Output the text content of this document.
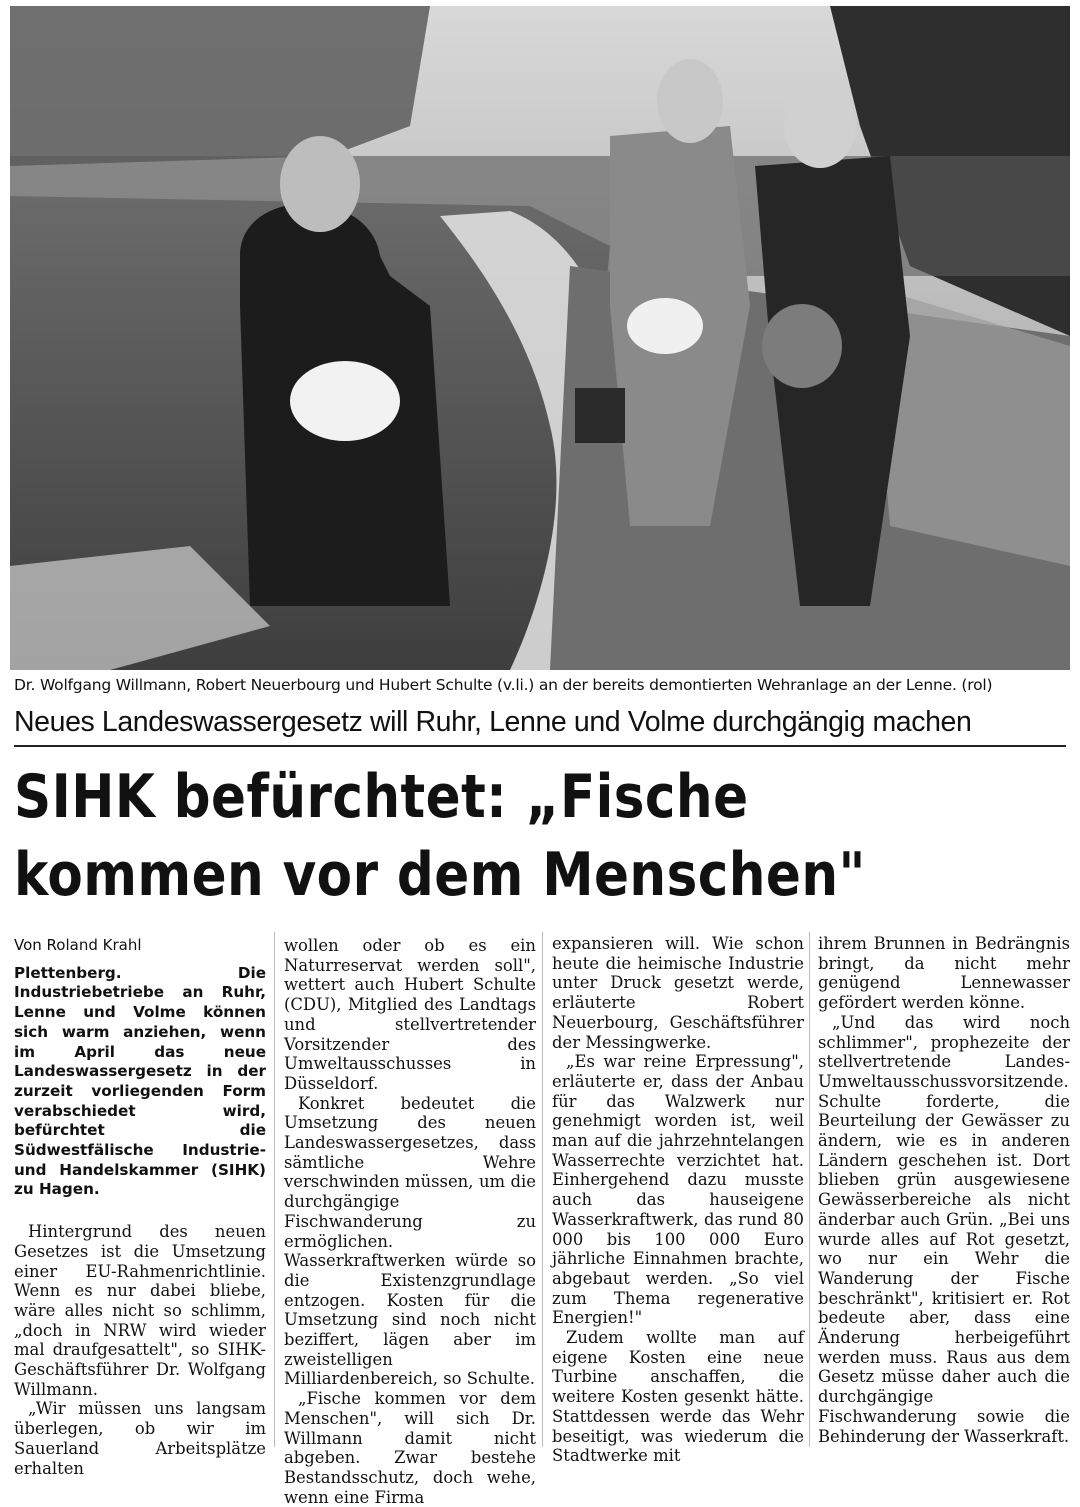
Dr. Wolfgang Willmann, Robert Neuerbourg und Hubert Schulte (v.li.) an der bereits demontierten Wehranlage an der Lenne. (rol)
Neues Landeswassergesetz will Ruhr, Lenne und Volme durchgängig machen
SIHK befürchtet: „Fische
kommen vor dem Menschen"
Von Roland Krahl
Plettenberg. Die Industriebetriebe an Ruhr, Lenne und Volme können sich warm anziehen, wenn im April das neue Landeswassergesetz in der zurzeit vorliegenden Form verabschiedet wird, befürchtet die Südwestfälische Industrie- und Handelskammer (SIHK) zu Hagen.

Hintergrund des neuen Gesetzes ist die Umsetzung einer EU-Rahmenrichtlinie. Wenn es nur dabei bliebe, wäre alles nicht so schlimm, „doch in NRW wird wieder mal draufgesattelt", so SIHK-Geschäftsführer Dr. Wolfgang Willmann.

„Wir müssen uns langsam überlegen, ob wir im Sauerland Arbeitsplätze erhalten

wollen oder ob es ein Naturreservat werden soll", wettert auch Hubert Schulte (CDU), Mitglied des Landtags und stellvertretender Vorsitzender des Umweltausschusses in Düsseldorf.

Konkret bedeutet die Umsetzung des neuen Landeswassergesetzes, dass sämtliche Wehre verschwinden müssen, um die durchgängige Fischwanderung zu ermöglichen. Wasserkraftwerken würde so die Existenzgrundlage entzogen. Kosten für die Umsetzung sind noch nicht beziffert, lägen aber im zweistelligen Milliardenbereich, so Schulte.

„Fische kommen vor dem Menschen", will sich Dr. Willmann damit nicht abgeben. Zwar bestehe Bestandsschutz, doch wehe, wenn eine Firma

expansieren will. Wie schon heute die heimische Industrie unter Druck gesetzt werde, erläuterte Robert Neuerbourg, Geschäftsführer der Messingwerke.

„Es war reine Erpressung", erläuterte er, dass der Anbau für das Walzwerk nur genehmigt worden ist, weil man auf die jahrzehntelangen Wasserrechte verzichtet hat. Einhergehend dazu musste auch das hauseigene Wasserkraftwerk, das rund 80 000 bis 100 000 Euro jährliche Einnahmen brachte, abgebaut werden. „So viel zum Thema regenerative Energien!"

Zudem wollte man auf eigene Kosten eine neue Turbine anschaffen, die weitere Kosten gesenkt hätte. Stattdessen werde das Wehr beseitigt, was wiederum die Stadtwerke mit

ihrem Brunnen in Bedrängnis bringt, da nicht mehr genügend Lennewasser gefördert werden könne.

„Und das wird noch schlimmer", prophezeite der stellvertretende Landes-Umweltausschussvorsitzende. Schulte forderte, die Beurteilung der Gewässer zu ändern, wie es in anderen Ländern geschehen ist. Dort blieben grün ausgewiesene Gewässerbereiche als nicht änderbar auch Grün. „Bei uns wurde alles auf Rot gesetzt, wo nur ein Wehr die Wanderung der Fische beschränkt", kritisiert er. Rot bedeute aber, dass eine Änderung herbeigeführt werden muss. Raus aus dem Gesetz müsse daher auch die durchgängige Fischwanderung sowie die Behinderung der Wasserkraft.
